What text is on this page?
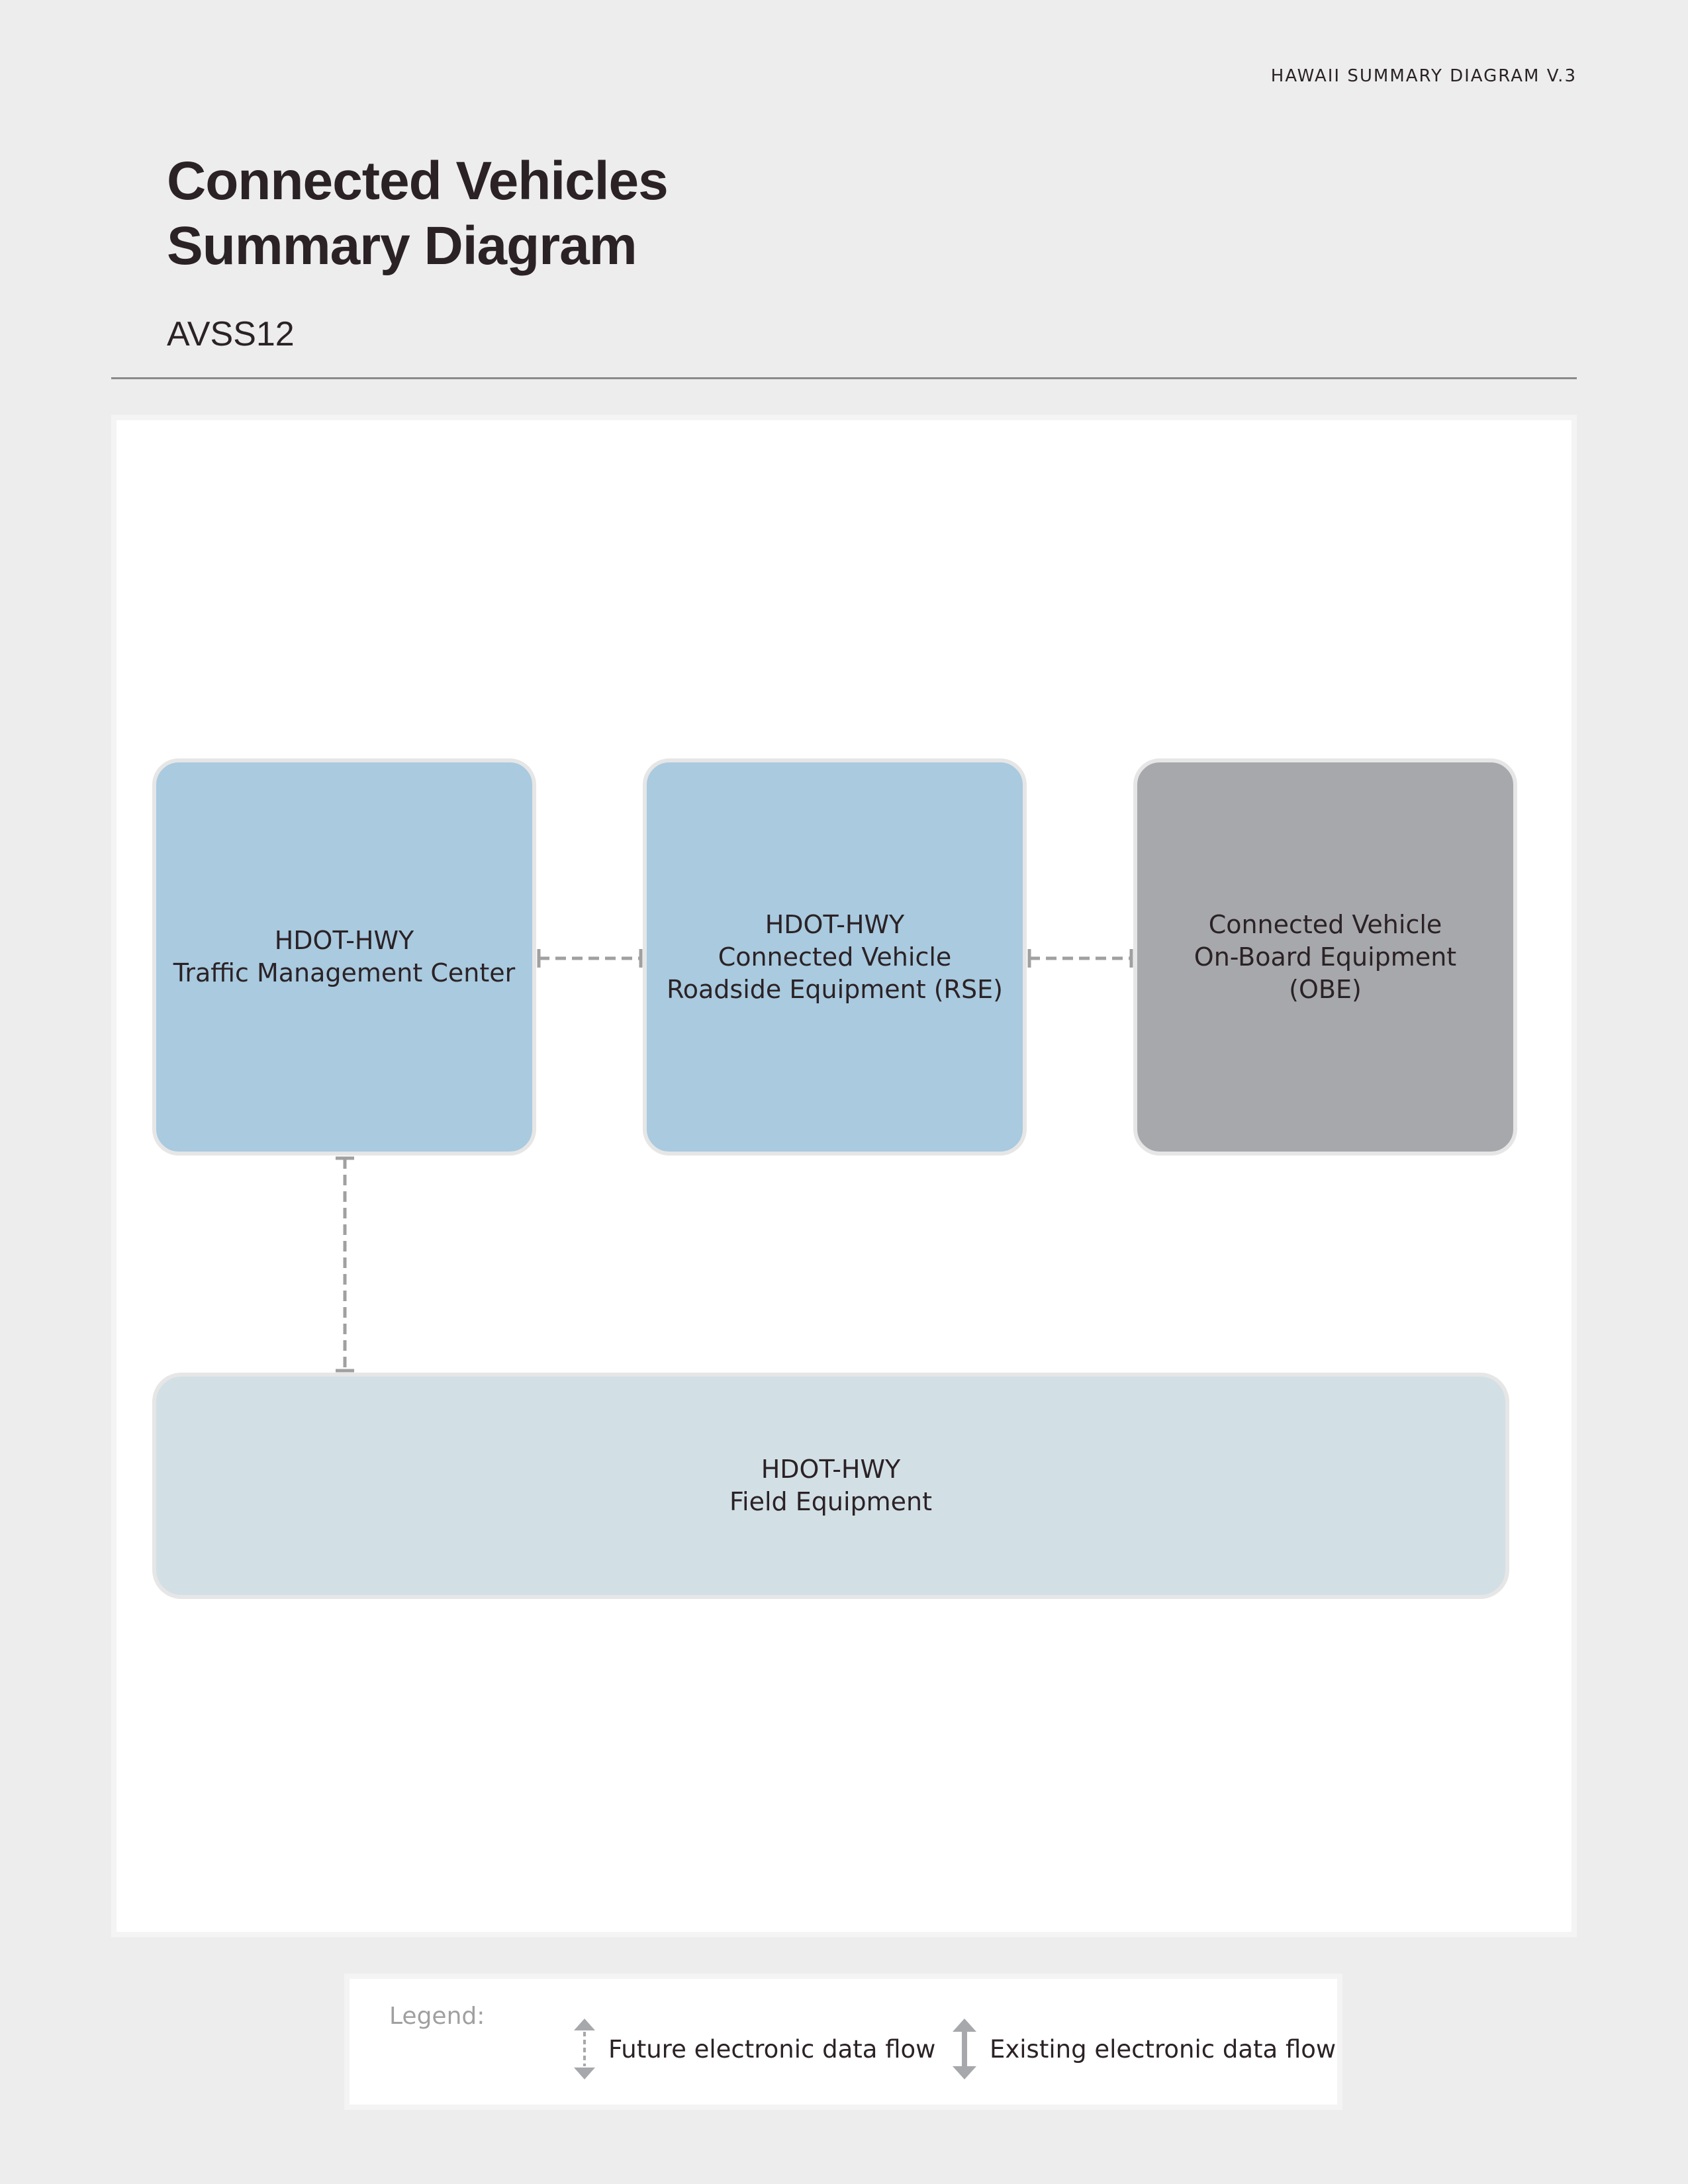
HAWAII SUMMARY DIAGRAM V.3
Connected Vehicles
Summary Diagram
AVSS12
HDOT-HWY
Traffic Management Center
HDOT-HWY
Connected Vehicle
Roadside Equipment (RSE)
Connected Vehicle
On-Board Equipment
(OBE)
HDOT-HWY
Field Equipment
Legend:
Future electronic data flow Existing electronic data flow
